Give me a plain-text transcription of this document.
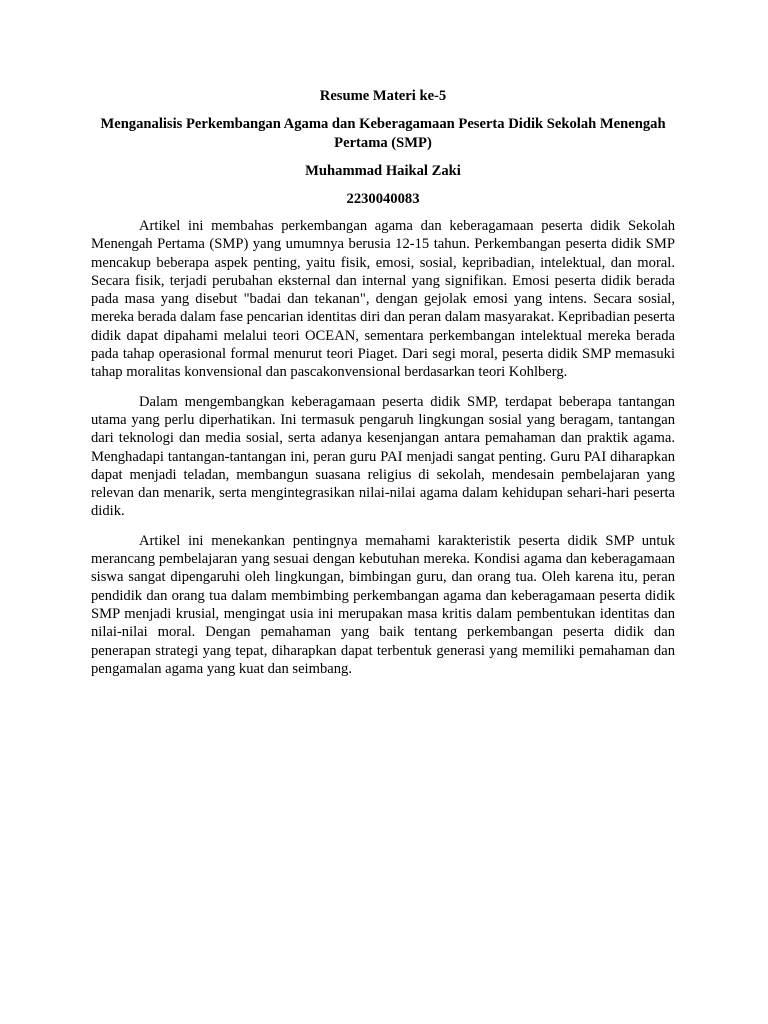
Resume Materi ke-5

Menganalisis Perkembangan Agama dan Keberagamaan Peserta Didik Sekolah Menengah Pertama (SMP)

Muhammad Haikal Zaki

2230040083

Artikel ini membahas perkembangan agama dan keberagamaan peserta didik Sekolah Menengah Pertama (SMP) yang umumnya berusia 12-15 tahun. Perkembangan peserta didik SMP mencakup beberapa aspek penting, yaitu fisik, emosi, sosial, kepribadian, intelektual, dan moral. Secara fisik, terjadi perubahan eksternal dan internal yang signifikan. Emosi peserta didik berada pada masa yang disebut "badai dan tekanan", dengan gejolak emosi yang intens. Secara sosial, mereka berada dalam fase pencarian identitas diri dan peran dalam masyarakat. Kepribadian peserta didik dapat dipahami melalui teori OCEAN, sementara perkembangan intelektual mereka berada pada tahap operasional formal menurut teori Piaget. Dari segi moral, peserta didik SMP memasuki tahap moralitas konvensional dan pascakonvensional berdasarkan teori Kohlberg.

Dalam mengembangkan keberagamaan peserta didik SMP, terdapat beberapa tantangan utama yang perlu diperhatikan. Ini termasuk pengaruh lingkungan sosial yang beragam, tantangan dari teknologi dan media sosial, serta adanya kesenjangan antara pemahaman dan praktik agama. Menghadapi tantangan-tantangan ini, peran guru PAI menjadi sangat penting. Guru PAI diharapkan dapat menjadi teladan, membangun suasana religius di sekolah, mendesain pembelajaran yang relevan dan menarik, serta mengintegrasikan nilai-nilai agama dalam kehidupan sehari-hari peserta didik.

Artikel ini menekankan pentingnya memahami karakteristik peserta didik SMP untuk merancang pembelajaran yang sesuai dengan kebutuhan mereka. Kondisi agama dan keberagamaan siswa sangat dipengaruhi oleh lingkungan, bimbingan guru, dan orang tua. Oleh karena itu, peran pendidik dan orang tua dalam membimbing perkembangan agama dan keberagamaan peserta didik SMP menjadi krusial, mengingat usia ini merupakan masa kritis dalam pembentukan identitas dan nilai-nilai moral. Dengan pemahaman yang baik tentang perkembangan peserta didik dan penerapan strategi yang tepat, diharapkan dapat terbentuk generasi yang memiliki pemahaman dan pengamalan agama yang kuat dan seimbang.
